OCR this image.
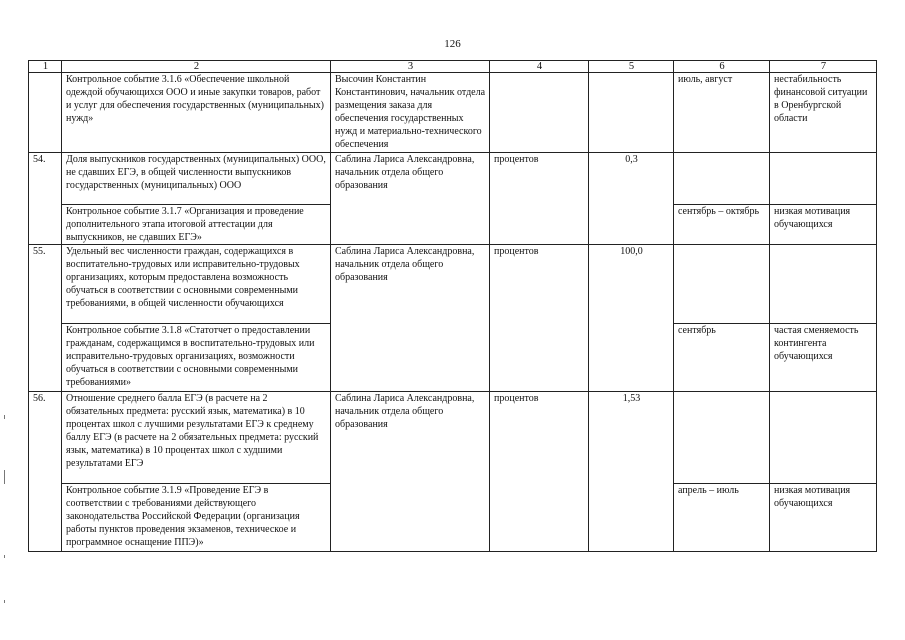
126
1	2	3	4	5	6	7
	Контрольное событие 3.1.6 «Обеспечение школьной одеждой обучающихся ООО и иные закупки товаров, работ и услуг для обеспечения государственных (муниципальных) нужд»	Высочин Константин Константинович, начальник отдела размещения заказа для обеспечения государственных нужд и материально-технического обеспечения			июль, август	нестабильность финансовой ситуации в Оренбургской области
54.	Доля выпускников государственных (муниципальных) ООО, не сдавших ЕГЭ, в общей численности выпускников государственных (муниципальных) ООО	Саблина Лариса Александровна, начальник отдела общего образования	процентов	0,3		
	Контрольное событие 3.1.7 «Организация и проведение дополнительного этапа итоговой аттестации для выпускников, не сдавших ЕГЭ»				сентябрь – октябрь	низкая мотивация обучающихся
55.	Удельный вес численности граждан, содержащихся в воспитательно-трудовых или исправительно-трудовых организациях, которым предоставлена возможность обучаться в соответствии с основными современными требованиями, в общей численности обучающихся	Саблина Лариса Александровна, начальник отдела общего образования	процентов	100,0		
	Контрольное событие 3.1.8 «Статотчет о предоставлении гражданам, содержащимся в воспитательно-трудовых или исправительно-трудовых организациях, возможности обучаться в соответствии с основными современными требованиями»				сентябрь	частая сменяемость контингента обучающихся
56.	Отношение среднего балла ЕГЭ (в расчете на 2 обязательных предмета: русский язык, математика) в 10 процентах школ с лучшими результатами ЕГЭ к среднему баллу ЕГЭ (в расчете на 2 обязательных предмета: русский язык, математика) в 10 процентах школ с худшими результатами ЕГЭ	Саблина Лариса Александровна, начальник отдела общего образования	процентов	1,53		
	Контрольное событие 3.1.9 «Проведение ЕГЭ в соответствии с требованиями действующего законодательства Российской Федерации (организация работы пунктов проведения экзаменов, техническое и программное оснащение ППЭ)»				апрель – июль	низкая мотивация обучающихся
